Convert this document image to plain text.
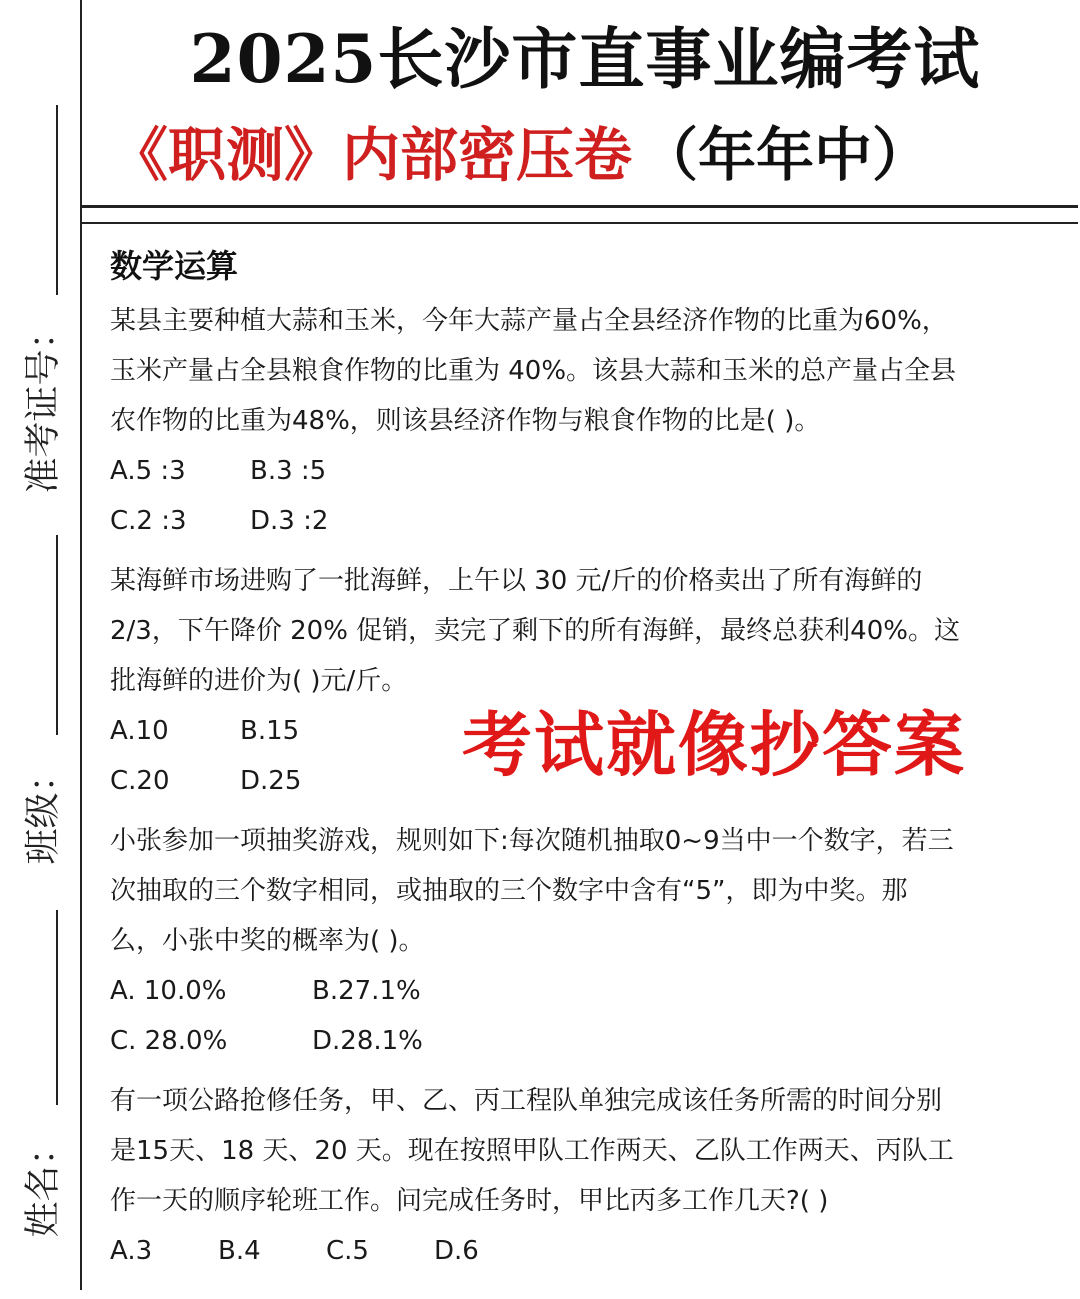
准考证号：
班级：
姓名：
2025长沙市直事业编考试
《职测》内部密压卷 （年年中）
数学运算

某县主要种植大蒜和玉米，今年大蒜产量占全县经济作物的比重为60%，

玉米产量占全县粮食作物的比重为 40%。该县大蒜和玉米的总产量占全县

农作物的比重为48%，则该县经济作物与粮食作物的比是( )。

A.5 :3	B.3 :5
C.2 :3	D.3 :2

某海鲜市场进购了一批海鲜，上午以 30 元/斤的价格卖出了所有海鲜的

2/3，下午降价 20% 促销，卖完了剩下的所有海鲜，最终总获利40%。这

批海鲜的进价为( )元/斤。

A.10	B.15
C.20	D.25

小张参加一项抽奖游戏，规则如下:每次随机抽取0~9当中一个数字，若三

次抽取的三个数字相同，或抽取的三个数字中含有“5”，即为中奖。那

么，小张中奖的概率为( )。

A. 10.0%	B.27.1%
C. 28.0%	D.28.1%

有一项公路抢修任务，甲、乙、丙工程队单独完成该任务所需的时间分别

是15天、18 天、20 天。现在按照甲队工作两天、乙队工作两天、丙队工

作一天的顺序轮班工作。问完成任务时，甲比丙多工作几天?( )

A.3	B.4	C.5	D.6
考试就像抄答案
